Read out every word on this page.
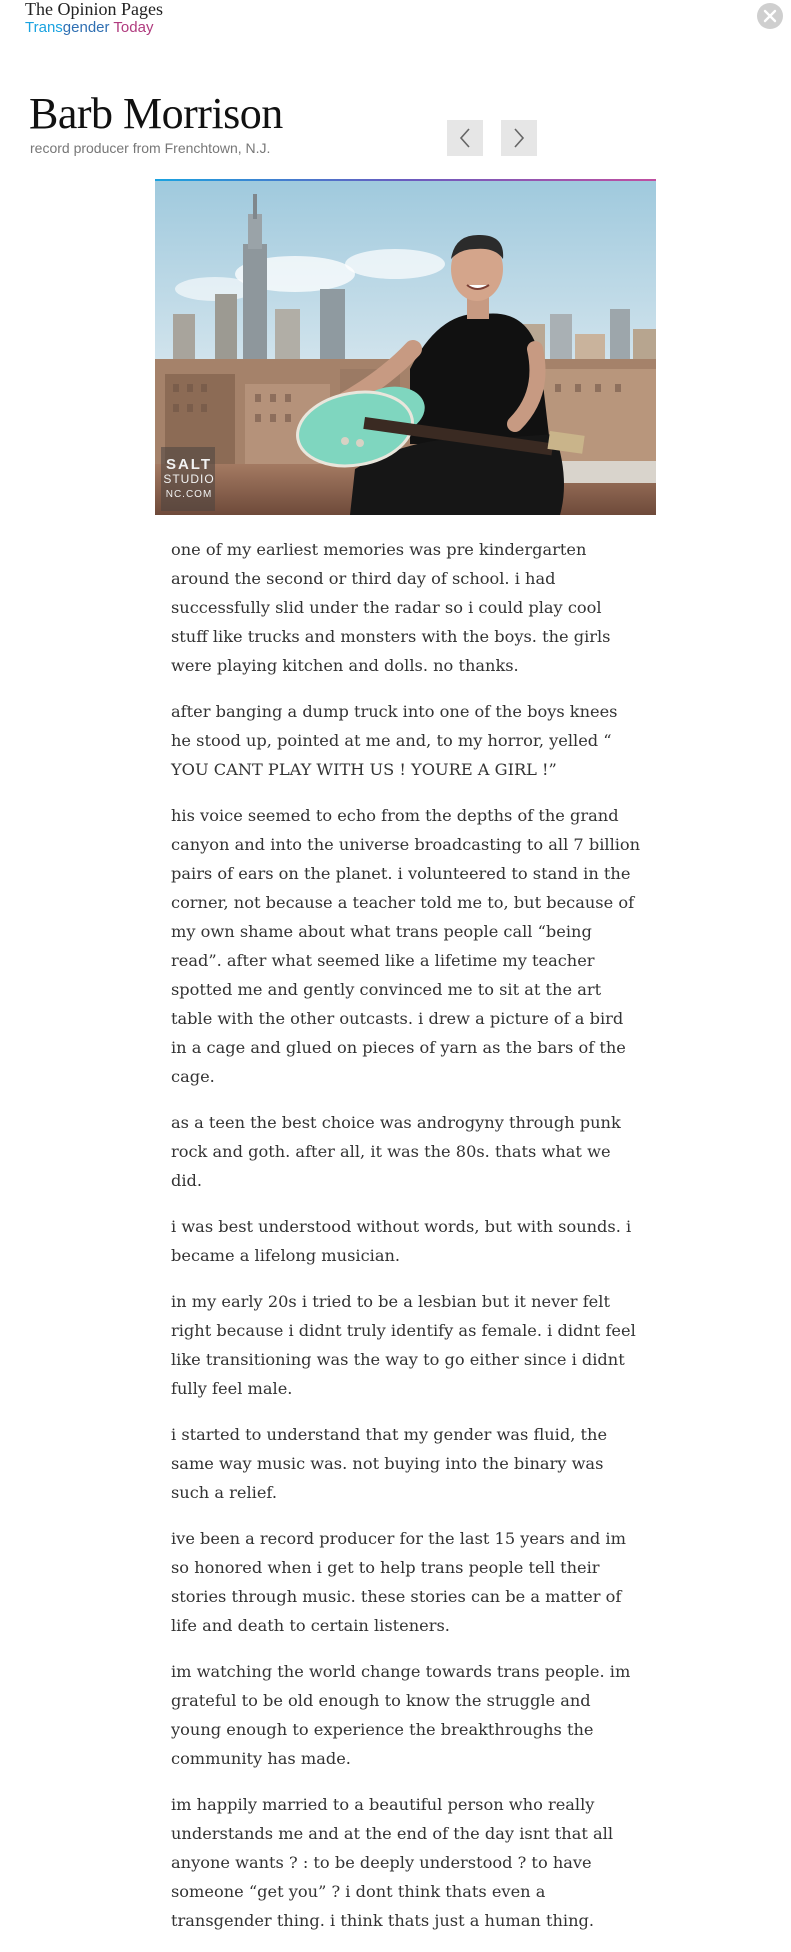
The Opinion Pages
Transgender Today
Barb Morrison
record producer from Frenchtown, N.J.
SALT
STUDIO
NC.COM

one of my earliest memories was pre kindergarten around the second or third day of school. i had successfully slid under the radar so i could play cool stuff like trucks and monsters with the boys. the girls were playing kitchen and dolls. no thanks.

after banging a dump truck into one of the boys knees he stood up, pointed at me and, to my horror, yelled “ YOU CANT PLAY WITH US ! YOURE A GIRL !”

his voice seemed to echo from the depths of the grand canyon and into the universe broadcasting to all 7 billion pairs of ears on the planet. i volunteered to stand in the corner, not because a teacher told me to, but because of my own shame about what trans people call “being read”. after what seemed like a lifetime my teacher spotted me and gently convinced me to sit at the art table with the other outcasts. i drew a picture of a bird in a cage and glued on pieces of yarn as the bars of the cage.

as a teen the best choice was androgyny through punk rock and goth. after all, it was the 80s. thats what we did.

i was best understood without words, but with sounds. i became a lifelong musician.

in my early 20s i tried to be a lesbian but it never felt right because i didnt truly identify as female. i didnt feel like transitioning was the way to go either since i didnt fully feel male.

i started to understand that my gender was fluid, the same way music was. not buying into the binary was such a relief.

ive been a record producer for the last 15 years and im so honored when i get to help trans people tell their stories through music. these stories can be a matter of life and death to certain listeners.

im watching the world change towards trans people. im grateful to be old enough to know the struggle and young enough to experience the breakthroughs the community has made.

im happily married to a beautiful person who really understands me and at the end of the day isnt that all anyone wants ? : to be deeply understood ? to have someone “get you” ? i dont think thats even a transgender thing. i think thats just a human thing.
